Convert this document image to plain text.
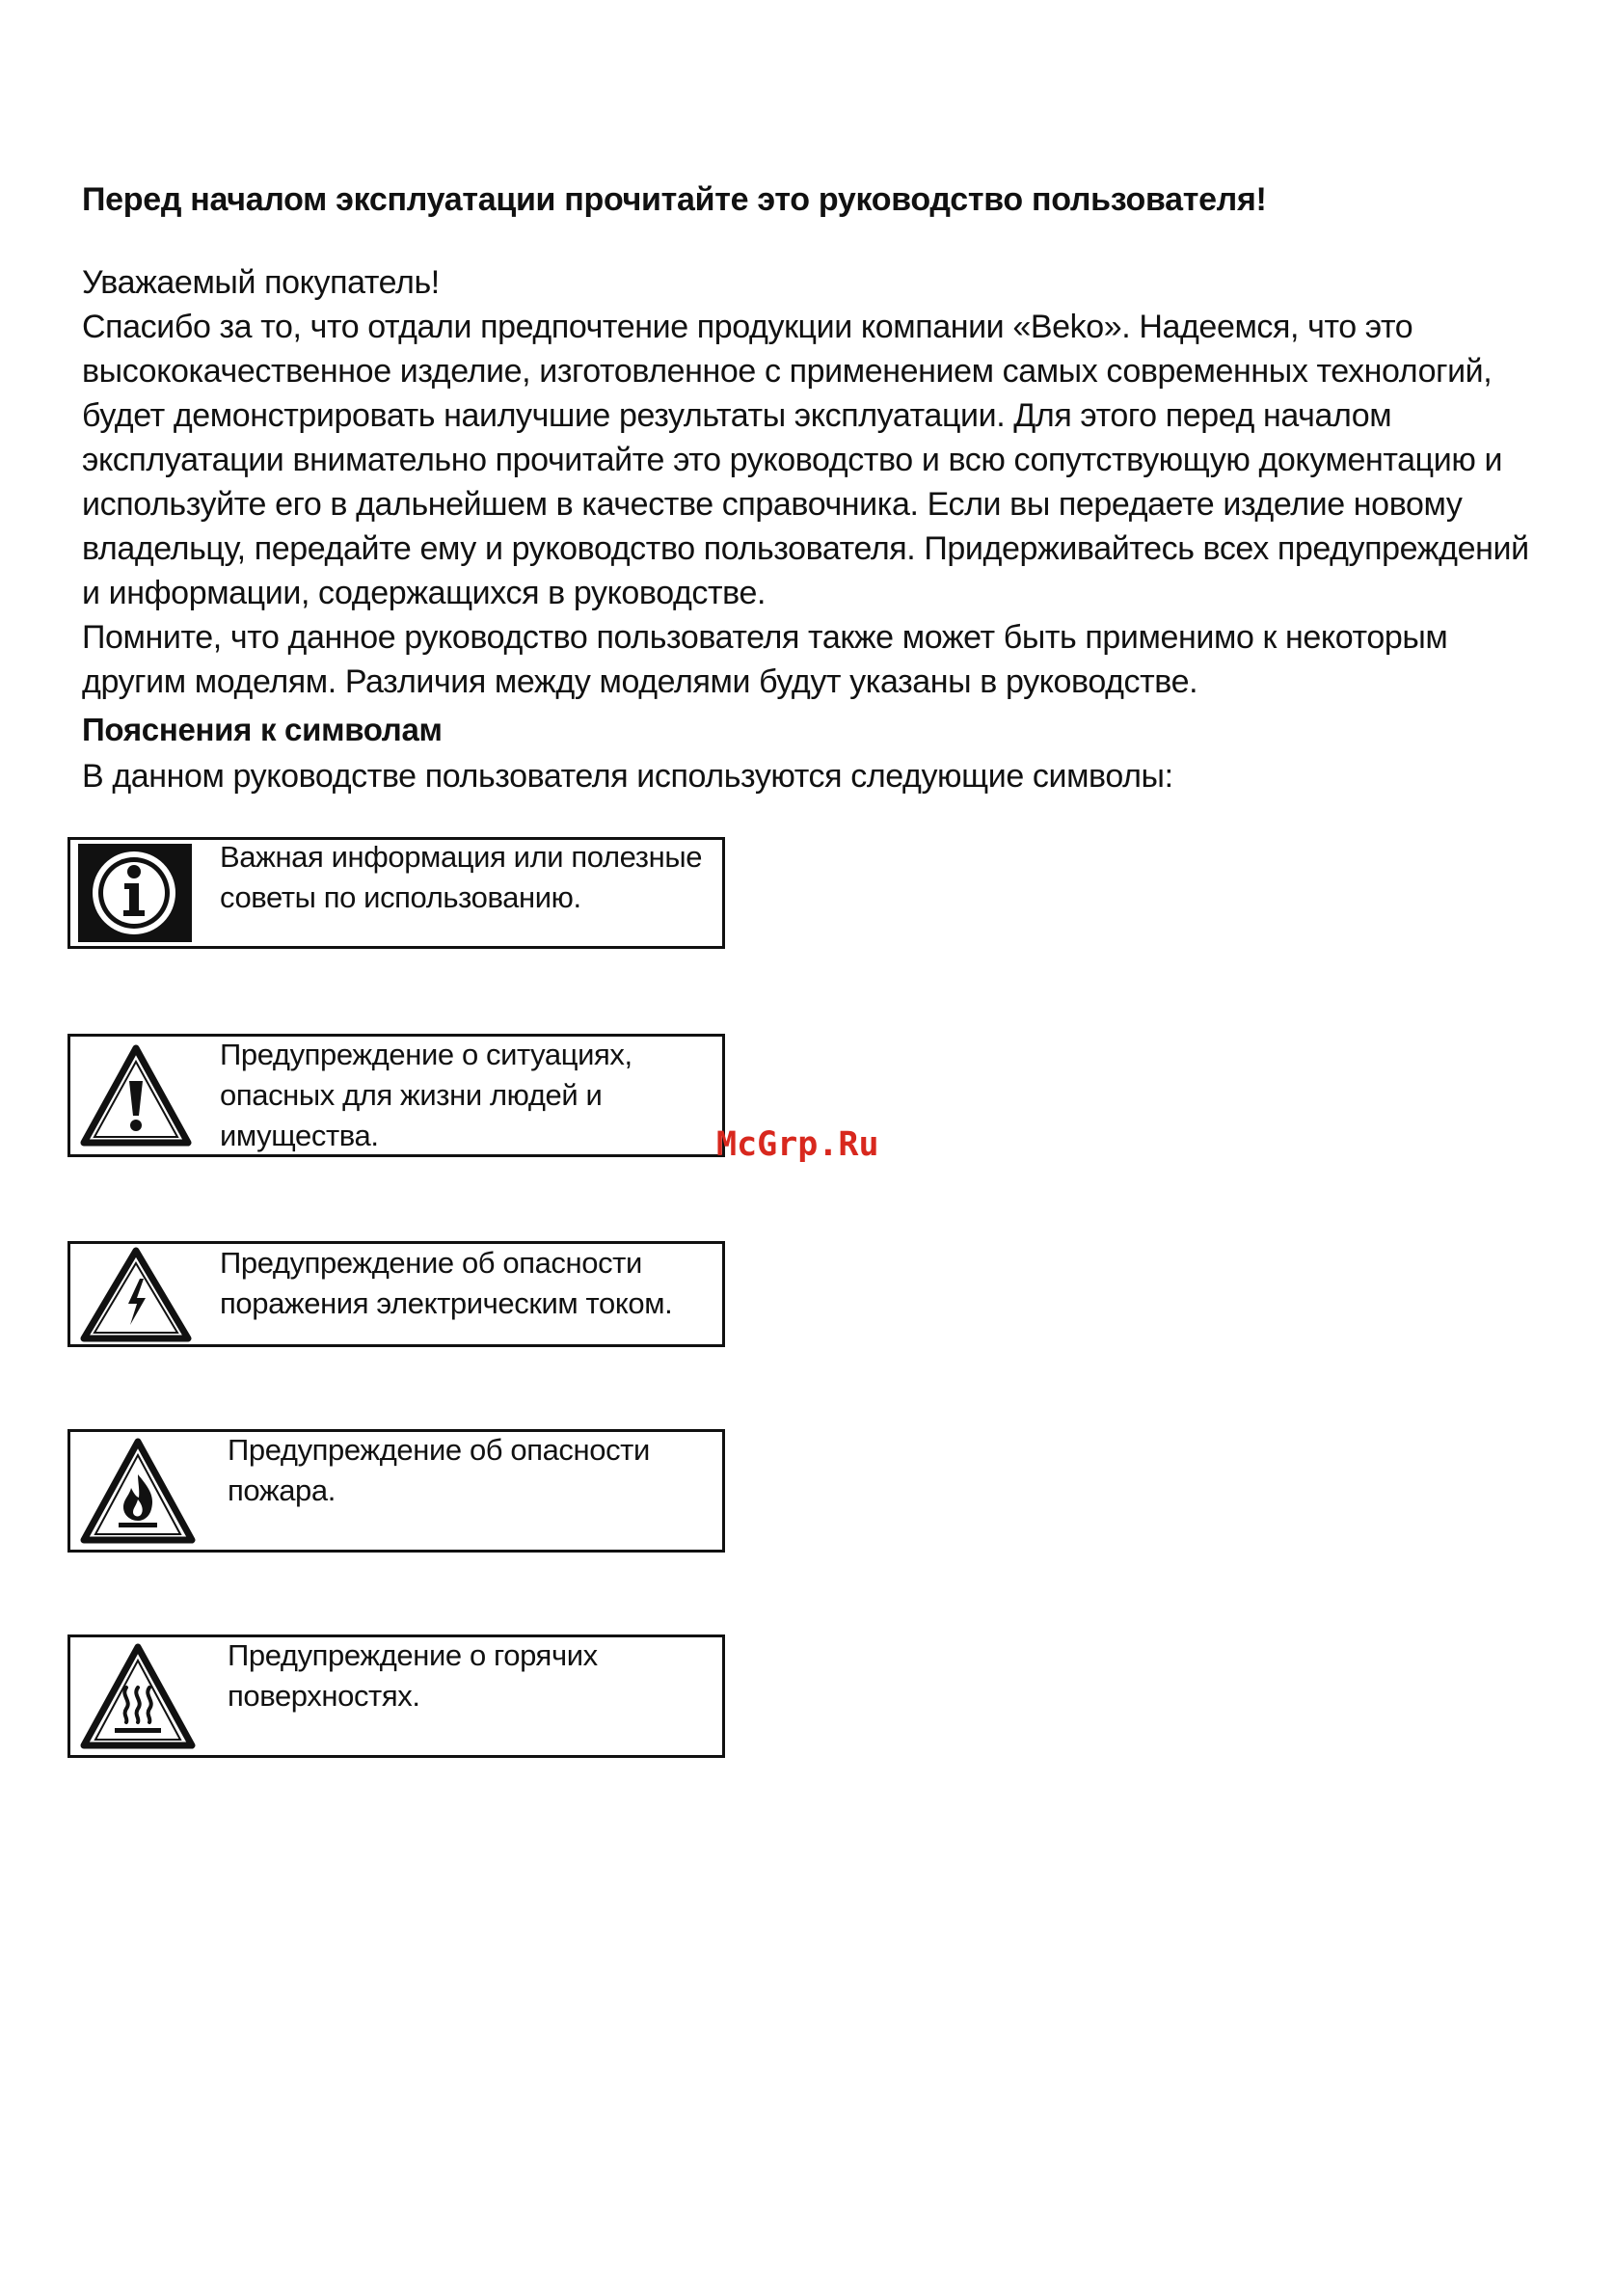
Перед началом эксплуатации прочитайте это руководство пользователя!
Уважаемый покупатель!
Спасибо за то, что отдали предпочтение продукции компании «Beko». Надеемся, что это
высококачественное изделие, изготовленное с применением самых современных технологий,
будет демонстрировать наилучшие результаты эксплуатации. Для этого перед началом
эксплуатации внимательно прочитайте это руководство и всю сопутствующую документацию и
используйте его в дальнейшем в качестве справочника. Если вы передаете изделие новому
владельцу, передайте ему и руководство пользователя. Придерживайтесь всех предупреждений
и информации, содержащихся в руководстве.
Помните, что данное руководство пользователя также может быть применимо к некоторым
другим моделям. Различия между моделями будут указаны в руководстве.
Пояснения к символам
В данном руководстве пользователя используются следующие символы:
Важная информация или полезные
советы по использованию.
Предупреждение о ситуациях,
опасных для жизни людей и
имущества.
Предупреждение об опасности
поражения электрическим током.
Предупреждение об опасности
пожара.
Предупреждение о горячих
поверхностях.
McGrp.Ru
